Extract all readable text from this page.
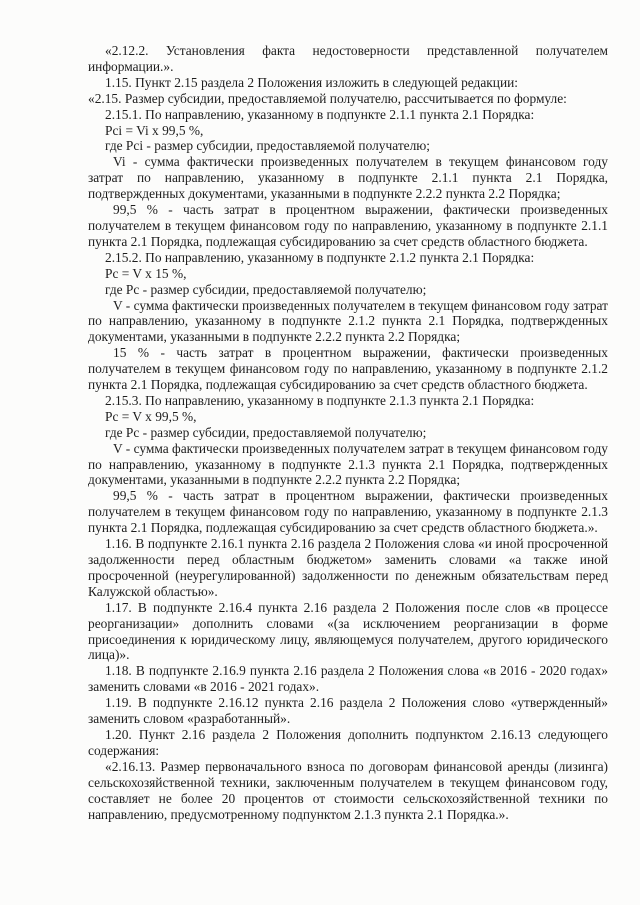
«2.12.2. Установления факта недостоверности представленной получателем информации.».

1.15. Пункт 2.15 раздела 2 Положения изложить в следующей редакции:

«2.15. Размер субсидии, предоставляемой получателю, рассчитывается по формуле:

2.15.1. По направлению, указанному в подпункте 2.1.1 пункта 2.1 Порядка:

Pci = Vi x 99,5 %,

где Pci - размер субсидии, предоставляемой получателю;

Vi - сумма фактически произведенных получателем в текущем финансовом году затрат по направлению, указанному в подпункте 2.1.1 пункта 2.1 Порядка, подтвержденных документами, указанными в подпункте 2.2.2 пункта 2.2 Порядка;

99,5 % - часть затрат в процентном выражении, фактически произведенных получателем в текущем финансовом году по направлению, указанному в подпункте 2.1.1 пункта 2.1 Порядка, подлежащая субсидированию за счет средств областного бюджета.

2.15.2. По направлению, указанному в подпункте 2.1.2 пункта 2.1 Порядка:

Pc = V x 15 %,

где Pc - размер субсидии, предоставляемой получателю;

V - сумма фактически произведенных получателем в текущем финансовом году затрат по направлению, указанному в подпункте 2.1.2 пункта 2.1 Порядка, подтвержденных документами, указанными в подпункте 2.2.2 пункта 2.2 Порядка;

15 % - часть затрат в процентном выражении, фактически произведенных получателем в текущем финансовом году по направлению, указанному в подпункте 2.1.2 пункта 2.1 Порядка, подлежащая субсидированию за счет средств областного бюджета.

2.15.3. По направлению, указанному в подпункте 2.1.3 пункта 2.1 Порядка:

Pc = V x 99,5 %,

где Pc - размер субсидии, предоставляемой получателю;

V - сумма фактически произведенных получателем затрат в текущем финансовом году по направлению, указанному в подпункте 2.1.3 пункта 2.1 Порядка, подтвержденных документами, указанными в подпункте 2.2.2 пункта 2.2 Порядка;

99,5 % - часть затрат в процентном выражении, фактически произведенных получателем в текущем финансовом году по направлению, указанному в подпункте 2.1.3 пункта 2.1 Порядка, подлежащая субсидированию за счет средств областного бюджета.».

1.16. В подпункте 2.16.1 пункта 2.16 раздела 2 Положения слова «и иной просроченной задолженности перед областным бюджетом» заменить словами «а также иной просроченной (неурегулированной) задолженности по денежным обязательствам перед Калужской областью».

1.17. В подпункте 2.16.4 пункта 2.16 раздела 2 Положения после слов «в процессе реорганизации» дополнить словами «(за исключением реорганизации в форме присоединения к юридическому лицу, являющемуся получателем, другого юридического лица)».

1.18. В подпункте 2.16.9 пункта 2.16 раздела 2 Положения слова «в 2016 - 2020 годах» заменить словами «в 2016 - 2021 годах».

1.19. В подпункте 2.16.12 пункта 2.16 раздела 2 Положения слово «утвержденный» заменить словом «разработанный».

1.20. Пункт 2.16 раздела 2 Положения дополнить подпунктом 2.16.13 следующего содержания:

«2.16.13. Размер первоначального взноса по договорам финансовой аренды (лизинга) сельскохозяйственной техники, заключенным получателем в текущем финансовом году, составляет не более 20 процентов от стоимости сельскохозяйственной техники по направлению, предусмотренному подпунктом 2.1.3 пункта 2.1 Порядка.».
